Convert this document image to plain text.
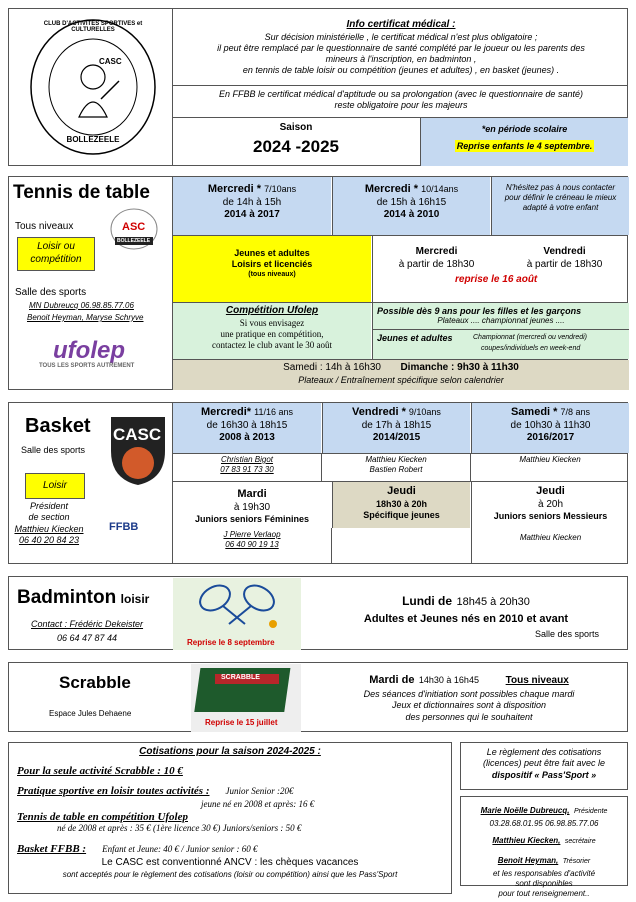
CLUB D'ACTIVITES SPORTIVES et CULTURELLES
CASC
BOLLEZEELE
Info certificat médical :
Sur décision ministérielle , le certificat médical n'est plus obligatoire ;
il peut être remplacé par le questionnaire de santé complété par le joueur ou les parents des
mineurs à l'inscription, en badminton ,
en tennis de table loisir ou compétition (jeunes et adultes) , en basket (jeunes) .
En FFBB le certificat médical d'aptitude ou sa prolongation (avec le questionnaire de santé)
reste obligatoire pour les majeurs
Saison
2024 -2025
*en période scolaire
Reprise enfants le 4 septembre.
Tennis de table
Tous niveaux	ASC
BOLLEZEELE
Loisir ou compétition
Salle des sports
MN Dubreucq 06.98.85.77.06
Benoit Heyman, Maryse Schryve
ufolep
TOUS LES SPORTS AUTREMENT
Mercredi * 7/10ans
de 14h à 15h
2014 à 2017
Mercredi * 10/14ans
de 15h à 16h15
2014 à 2010
N'hésitez pas à nous contacter pour définir le créneau le mieux adapté à votre enfant
Jeunes et adultes
Loisirs et licenciés
(tous niveaux)
Mercredi
à partir de 18h30
Vendredi
à partir de 18h30
reprise le 16 août
Compétition Ufolep
Si vous envisagez
une pratique en compétition,
contactez le club avant le 30 août
Possible dès 9 ans pour les filles et les garçons
Plateaux .... championnat jeunes ....
Jeunes et adultes	Championnat (mercredi ou vendredi)
coupes/individuels en week-end
Samedi : 14h à 16h30 Dimanche : 9h30 à 11h30
Plateaux / Entraînement spécifique selon calendrier
Basket
Salle des sports
CASC
Loisir
Président
de section
Matthieu Kiecken
06 40 20 84 23
FFBB
Mercredi* 11/16 ans
de 16h30 à 18h15
2008 à 2013
Vendredi * 9/10ans
de 17h à 18h15
2014/2015
Samedi * 7/8 ans
de 10h30 à 11h30
2016/2017
Christian Bigot
07 83 91 73 30
Matthieu Kiecken
Bastien Robert
Matthieu Kiecken
Mardi
à 19h30
Juniors seniors Féminines
J Pierre Verlaop
06 40 90 19 13
Jeudi
18h30 à 20h
Spécifique jeunes
Jeudi
à 20h
Juniors seniors Messieurs
Matthieu Kiecken
Badminton loisir
Contact : Frédéric Dekeister
06 64 47 87 44	Reprise le 8 septembre
Lundi de 18h45 à 20h30
Adultes et Jeunes nés en 2010 et avant
Salle des sports
Scrabble
Espace Jules Dehaene
SCRABBLE
Reprise le 15 juillet
Mardi de 14h30 à 16h45	Tous niveaux
Des séances d'initiation sont possibles chaque mardi
Jeux et dictionnaires sont à disposition
des personnes qui le souhaitent
Cotisations pour la saison 2024-2025 :
Pour la seule activité Scrabble : 10 €
Pratique sportive en loisir toutes activités : Junior Senior :20€
jeune né en 2008 et après: 16 €
Tennis de table en compétition Ufolep
né de 2008 et après : 35 € (1ère licence 30 €) Juniors/seniors : 50 €
Basket FFBB : Enfant et Jeune: 40 € / Junior senior : 60 €
Le CASC est conventionné ANCV : les chèques vacances
sont acceptés pour le règlement des cotisations (loisir ou compétition) ainsi que les Pass'Sport
Le règlement des cotisations
(licences) peut être fait avec le
dispositif « Pass'Sport »
Marie Noëlle Dubreucq, Présidente
03.28.68.01.95 06.98.85.77.06
Matthieu Kiecken, secrétaire
Benoit Heyman, Trésorier
et les responsables d'activité
sont disponibles
pour tout renseignement..
